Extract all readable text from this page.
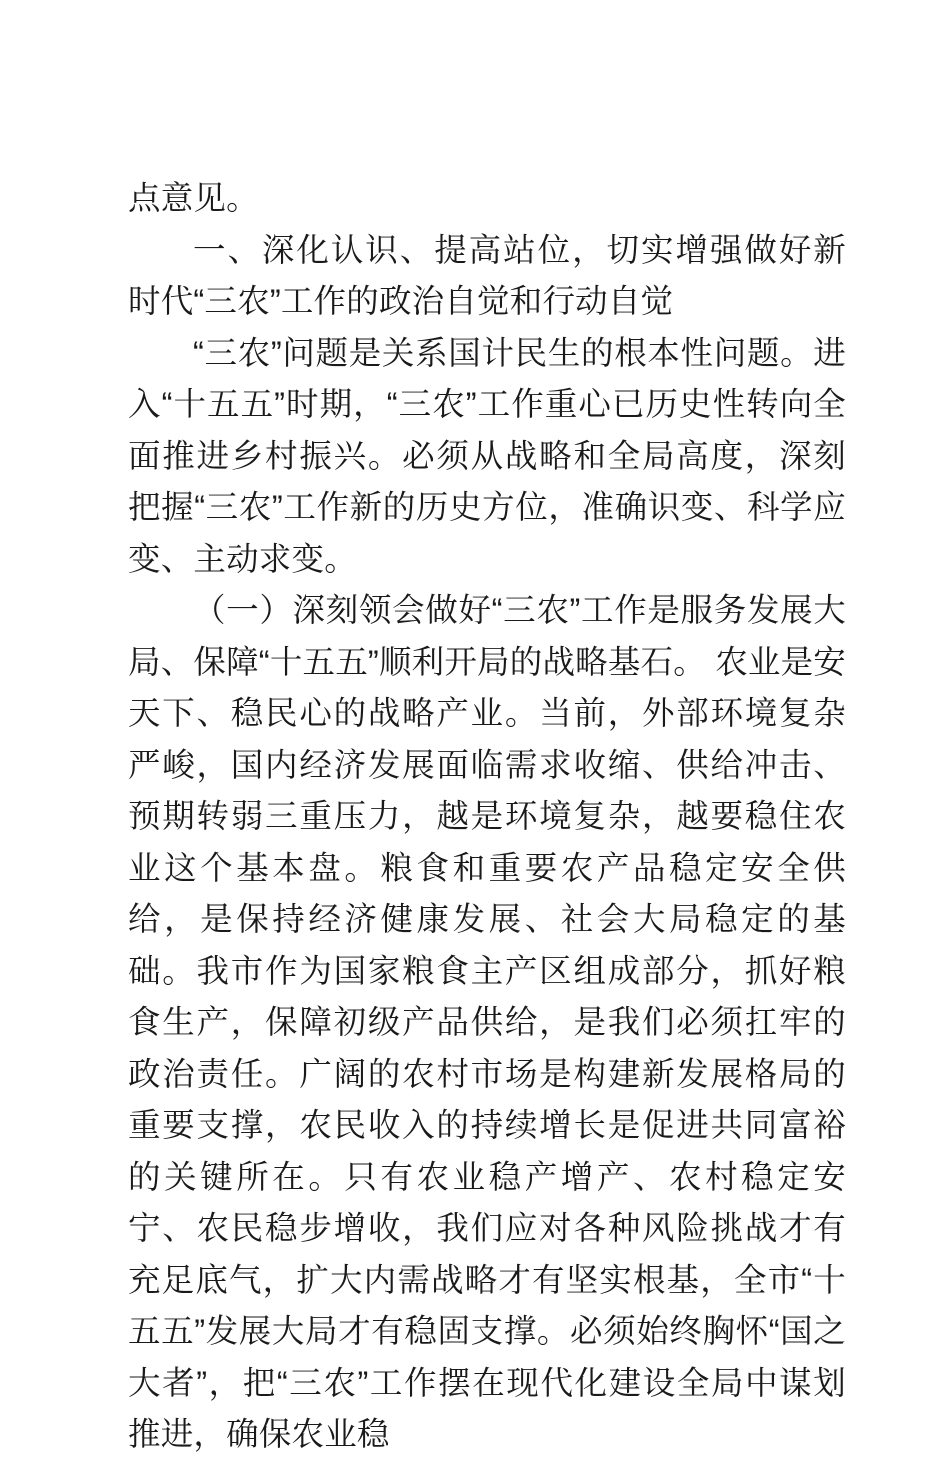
点意见。

一、深化认识、提高站位，切实增强做好新时代“三农”工作的政治自觉和行动自觉

“三农”问题是关系国计民生的根本性问题。进入“十五五”时期，“三农”工作重心已历史性转向全面推进乡村振兴。必须从战略和全局高度，深刻把握“三农”工作新的历史方位，准确识变、科学应变、主动求变。

（一）深刻领会做好“三农”工作是服务发展大局、保障“十五五”顺利开局的战略基石。 农业是安天下、稳民心的战略产业。当前，外部环境复杂严峻，国内经济发展面临需求收缩、供给冲击、预期转弱三重压力，越是环境复杂，越要稳住农业这个基本盘。粮食和重要农产品稳定安全供给，是保持经济健康发展、社会大局稳定的基础。我市作为国家粮食主产区组成部分，抓好粮食生产，保障初级产品供给，是我们必须扛牢的政治责任。广阔的农村市场是构建新发展格局的重要支撑，农民收入的持续增长是促进共同富裕的关键所在。只有农业稳产增产、农村稳定安宁、农民稳步增收，我们应对各种风险挑战才有充足底气，扩大内需战略才有坚实根基，全市“十五五”发展大局才有稳固支撑。必须始终胸怀“国之大者”，把“三农”工作摆在现代化建设全局中谋划推进，确保农业稳
